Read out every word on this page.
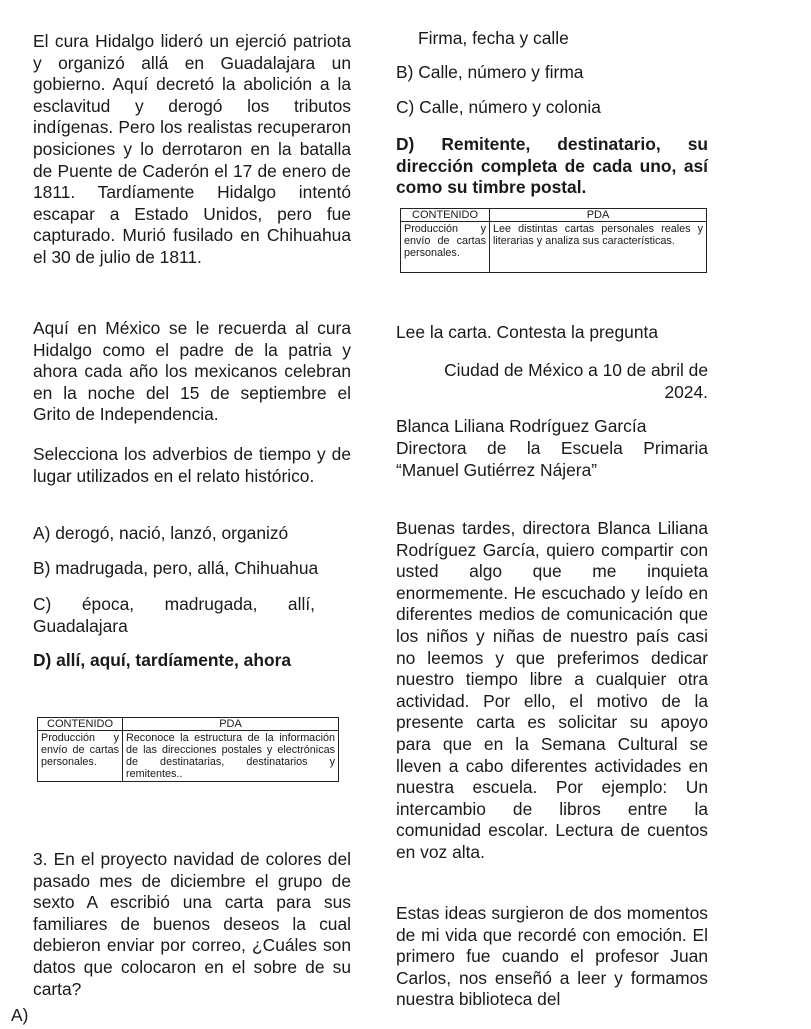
El cura Hidalgo lideró un ejerció patriota y organizó allá en Guadalajara un gobierno. Aquí decretó la abolición a la esclavitud y derogó los tributos indígenas. Pero los realistas recuperaron posiciones y lo derrotaron en la batalla de Puente de Caderón el 17 de enero de 1811. Tardíamente Hidalgo intentó escapar a Estado Unidos, pero fue capturado. Murió fusilado en Chihuahua el 30 de julio de 1811.

Aquí en México se le recuerda al cura Hidalgo como el padre de la patria y ahora cada año los mexicanos celebran en la noche del 15 de septiembre el Grito de Independencia.

Selecciona los adverbios de tiempo y de lugar utilizados en el relato histórico.

A) derogó, nació, lanzó, organizó

B) madrugada, pero, allá, Chihuahua

C) época, madrugada, allí, Guadalajara

D) allí, aquí, tardíamente, ahora

CONTENIDO	PDA
Producción y envío de cartas personales.	Reconoce la estructura de la información de las direcciones postales y electrónicas de destinatarias, destinatarios y remitentes..

3. En el proyecto navidad de colores del pasado mes de diciembre el grupo de sexto A escribió una carta para sus familiares de buenos deseos la cual debieron enviar por correo, ¿Cuáles son datos que colocaron en el sobre de su carta?

A)

Firma, fecha y calle

B) Calle, número y firma

C) Calle, número y colonia

D) Remitente, destinatario, su dirección completa de cada uno, así como su timbre postal.

CONTENIDO	PDA
Producción y envío de cartas personales.	Lee distintas cartas personales reales y literarias y analiza sus características.

Lee la carta. Contesta la pregunta

Ciudad de México a 10 de abril de 2024.

Blanca Liliana Rodríguez García

Directora de la Escuela Primaria “Manuel Gutiérrez Nájera”

Buenas tardes, directora Blanca Liliana Rodríguez García, quiero compartir con usted algo que me inquieta enormemente. He escuchado y leído en diferentes medios de comunicación que los niños y niñas de nuestro país casi no leemos y que preferimos dedicar nuestro tiempo libre a cualquier otra actividad. Por ello, el motivo de la presente carta es solicitar su apoyo para que en la Semana Cultural se lleven a cabo diferentes actividades en nuestra escuela. Por ejemplo: Un intercambio de libros entre la comunidad escolar. Lectura de cuentos en voz alta.

Estas ideas surgieron de dos momentos de mi vida que recordé con emoción. El primero fue cuando el profesor Juan Carlos, nos enseñó a leer y formamos nuestra biblioteca del
